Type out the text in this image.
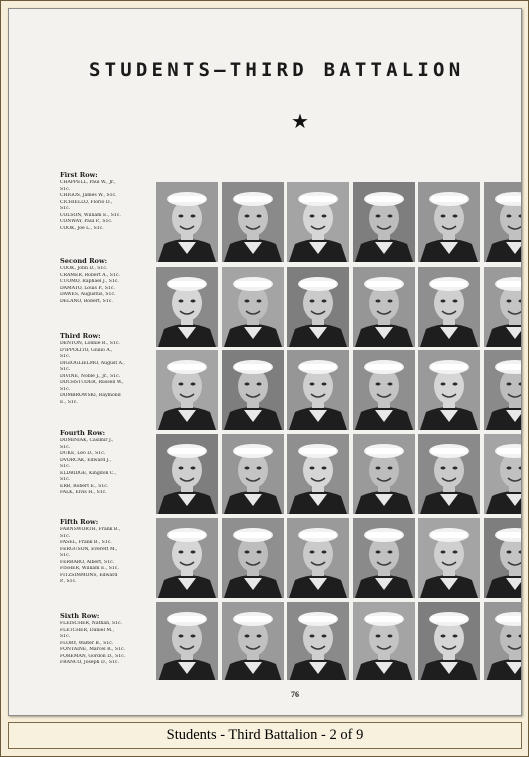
STUDENTS—THIRD BATTALION
★
First Row:
CHAPPELL, Paul W., Jr.,
S1c.
CHIGOS, James W., S1c.
CICHIELLO, Florio D.,
S1c.
COLSON, William E., S1c.
CONWAY, Paul P., S1c.
COOK, Joe L., S1c.
Second Row:
COOK, John D., S1c.
CRAMER, Robert A., S1c.
CUOMO, Raphael J., S1c.
DAMATO, Louis P., S1c.
DAWES, Augustus, S1c.
DELANO, Robert, S1c.
Third Row:
DENTON, Lonnie R., S1c.
D'IPPOLITO, Giulio A.,
S1c.
DIGIOGLIELMO, August A.,
S1c.
DIVINE, Noble J., Jr., S1c.
DOCHSTUDER, Russell W.,
S1c.
DOMBROWSKI, Raymond
E., S1c.
Fourth Row:
DOMINIAK, Casimir J.,
S1c.
DUKE, Leo D., S1c.
DVORCAK, Edward J.,
S1c.
ELDRIDGE, Kingdon C.,
S1c.
ERB, Robert E., S1c.
FALK, Elvis H., S1c.
Fifth Row:
FARNSWORTH, Frank B.,
S1c.
FASEL, Frank B., S1c.
FERGUSON, Everett M.,
S1c.
FERRARO, Albert, S1c.
FISHER, William E., S1c.
FITZSIMMONS, Edward
P., S1c.
Sixth Row:
FLEISCHER, Nathan, S1c.
FLETCHER, Daniel M.,
S1c.
FLORY, Walter B., S1c.
FONTAINE, Marcel R., S1c.
FOREMAN, Gordon D., S1c.
FRANCO, Joseph D., S1c.
76
Students - Third Battalion - 2 of 9
